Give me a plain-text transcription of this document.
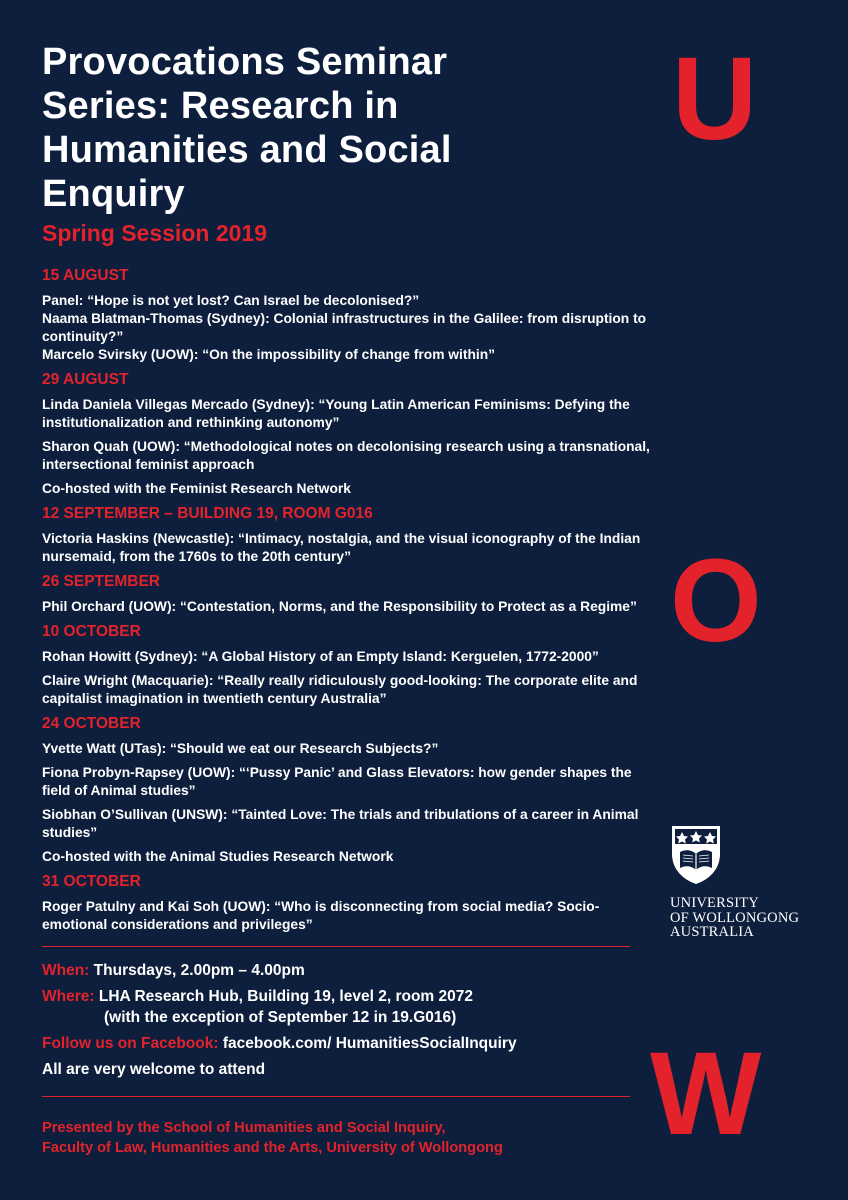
Provocations Seminar Series: Research in Humanities and Social Enquiry
Spring Session 2019
15 AUGUST
Panel: “Hope is not yet lost? Can Israel be decolonised?”
Naama Blatman-Thomas (Sydney): Colonial infrastructures in the Galilee: from disruption to continuity?”
Marcelo Svirsky (UOW): “On the impossibility of change from within”
29 AUGUST
Linda Daniela Villegas Mercado (Sydney): “Young Latin American Feminisms: Defying the institutionalization and rethinking autonomy”
Sharon Quah (UOW): “Methodological notes on decolonising research using a transnational, intersectional feminist approach
Co-hosted with the Feminist Research Network
12 SEPTEMBER – BUILDING 19, ROOM G016
Victoria Haskins (Newcastle): “Intimacy, nostalgia, and the visual iconography of the Indian nursemaid, from the 1760s to the 20th century”
26 SEPTEMBER
Phil Orchard (UOW): “Contestation, Norms, and the Responsibility to Protect as a Regime”
10 OCTOBER
Rohan Howitt (Sydney): “A Global History of an Empty Island: Kerguelen, 1772-2000”
Claire Wright (Macquarie): “Really really ridiculously good-looking: The corporate elite and capitalist imagination in twentieth century Australia”
24 OCTOBER
Yvette Watt (UTas): “Should we eat our Research Subjects?”
Fiona Probyn-Rapsey (UOW): “‘Pussy Panic’ and Glass Elevators: how gender shapes the field of Animal studies”
Siobhan O’Sullivan (UNSW): “Tainted Love: The trials and tribulations of a career in Animal studies”
Co-hosted with the Animal Studies Research Network
31 OCTOBER
Roger Patulny and Kai Soh (UOW): “Who is disconnecting from social media? Socio-emotional considerations and privileges”
When: Thursdays, 2.00pm – 4.00pm
Where: LHA Research Hub, Building 19, level 2, room 2072
(with the exception of September 12 in 19.G016)
Follow us on Facebook: facebook.com/ HumanitiesSocialInquiry
All are very welcome to attend
Presented by the School of Humanities and Social Inquiry,
Faculty of Law, Humanities and the Arts, University of Wollongong
U
O
W
UNIVERSITY
OF WOLLONGONG
AUSTRALIA
